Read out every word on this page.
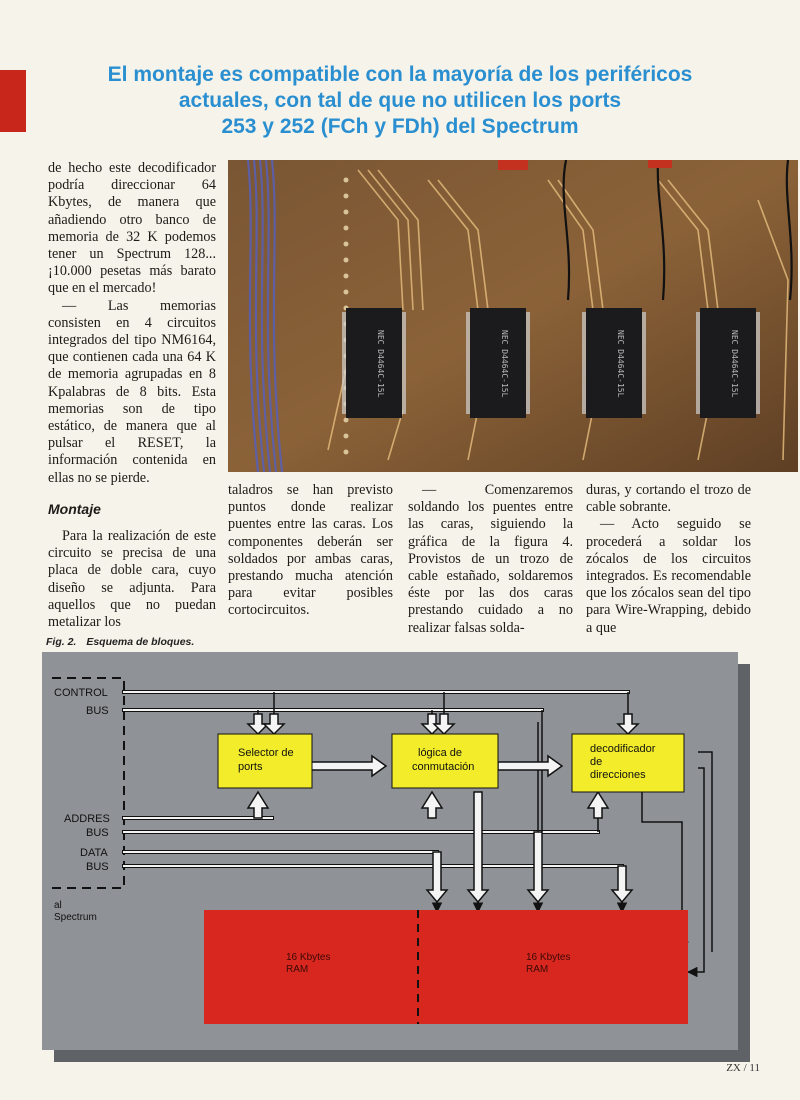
El montaje es compatible con la mayoría de los periféricos
actuales, con tal de que no utilicen los ports
253 y 252 (FCh y FDh) del Spectrum

de hecho este decodificador podría direccionar 64 Kbytes, de manera que añadiendo otro banco de memoria de 32 K podemos tener un Spectrum 128... ¡10.000 pesetas más barato que en el mercado!

— Las memorias consisten en 4 circuitos integrados del tipo NM6164, que contienen cada una 64 K de memoria agrupadas en 8 Kpalabras de 8 bits. Esta memorias son de tipo estático, de manera que al pulsar el RESET, la información contenida en ellas no se pierde.

Montaje

Para la realización de este circuito se precisa de una placa de doble cara, cuyo diseño se adjunta. Para aquellos que no puedan metalizar los

NEC D4464C-15L	NEC D4464C-15L	NEC D4464C-15L	NEC D4464C-15L

taladros se han previsto puntos donde realizar puentes entre las caras. Los componentes deberán ser soldados por ambas caras, prestando mucha atención para evitar posibles cortocircuitos.

— Comenzaremos soldando los puentes entre las caras, siguiendo la gráfica de la figura 4. Provistos de un trozo de cable estañado, soldaremos éste por las dos caras prestando cuidado a no realizar falsas solda-

duras, y cortando el trozo de cable sobrante.

— Acto seguido se procederá a soldar los zócalos de los circuitos integrados. Es recomendable que los zócalos sean del tipo para Wire-Wrapping, debido a que

Fig. 2. Esquema de bloques.
CONTROL
BUS
ADDRES
BUS
DATA
BUS
al
Spectrum
Selector de
ports
lógica de
conmutación
decodificador
de
direcciones
16 Kbytes
RAM
16 Kbytes
RAM
ZX / 11
